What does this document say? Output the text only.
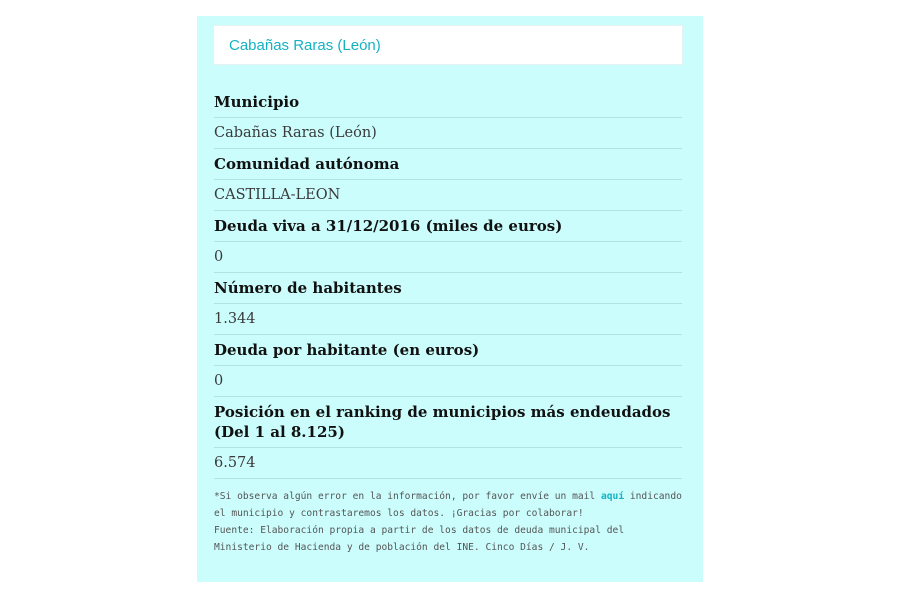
Cabañas Raras (León)
Municipio
Cabañas Raras (León)
Comunidad autónoma
CASTILLA-LEON
Deuda viva a 31/12/2016 (miles de euros)
0
Número de habitantes
1.344
Deuda por habitante (en euros)
0
Posición en el ranking de municipios más endeudados (Del 1 al 8.125)
6.574

*Si observa algún error en la información, por favor envíe un mail aquí indicando el municipio y contrastaremos los datos. ¡Gracias por colaborar!

Fuente: Elaboración propia a partir de los datos de deuda municipal del Ministerio de Hacienda y de población del INE. Cinco Días / J. V.
